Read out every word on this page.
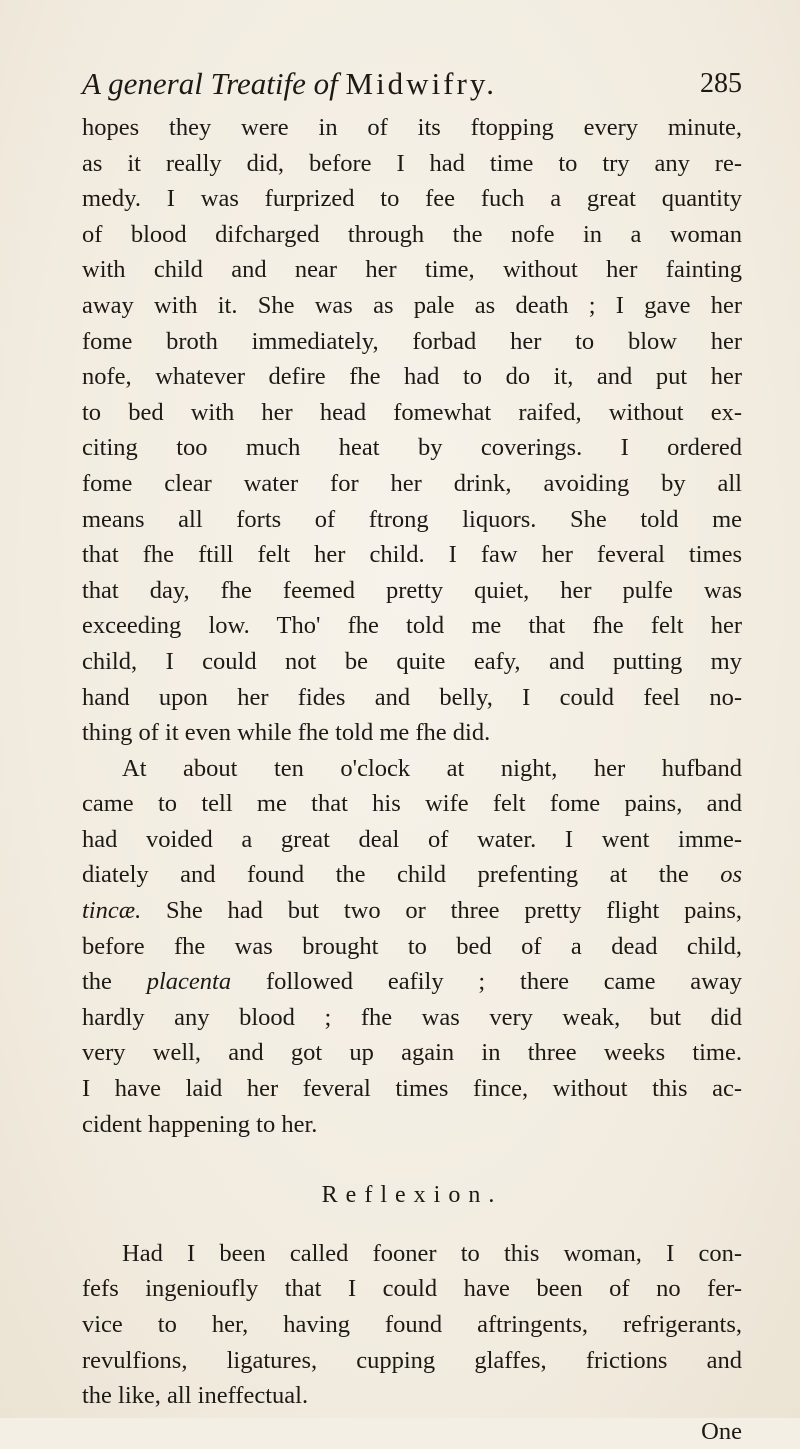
A general Treatife of Midwifry.	285
hopes they were in of its ftopping every minute,
as it really did, before I had time to try any re-
medy. I was furprized to fee fuch a great quantity
of blood difcharged through the nofe in a woman
with child and near her time, without her fainting
away with it. She was as pale as death ; I gave her
fome broth immediately, forbad her to blow her
nofe, whatever defire fhe had to do it, and put her
to bed with her head fomewhat raifed, without ex-
citing too much heat by coverings. I ordered
fome clear water for her drink, avoiding by all
means all forts of ftrong liquors. She told me
that fhe ftill felt her child. I faw her feveral times
that day, fhe feemed pretty quiet, her pulfe was
exceeding low. Tho' fhe told me that fhe felt her
child, I could not be quite eafy, and putting my
hand upon her fides and belly, I could feel no-
thing of it even while fhe told me fhe did.
At about ten o'clock at night, her hufband
came to tell me that his wife felt fome pains, and
had voided a great deal of water. I went imme-
diately and found the child prefenting at the os
tincæ. She had but two or three pretty flight pains,
before fhe was brought to bed of a dead child,
the placenta followed eafily ; there came away
hardly any blood ; fhe was very weak, but did
very well, and got up again in three weeks time.
I have laid her feveral times fince, without this ac-
cident happening to her.
Reflexion.
Had I been called fooner to this woman, I con-
fefs ingenioufly that I could have been of no fer-
vice to her, having found aftringents, refrigerants,
revulfions, ligatures, cupping glaffes, frictions and
the like, all ineffectual.
One
